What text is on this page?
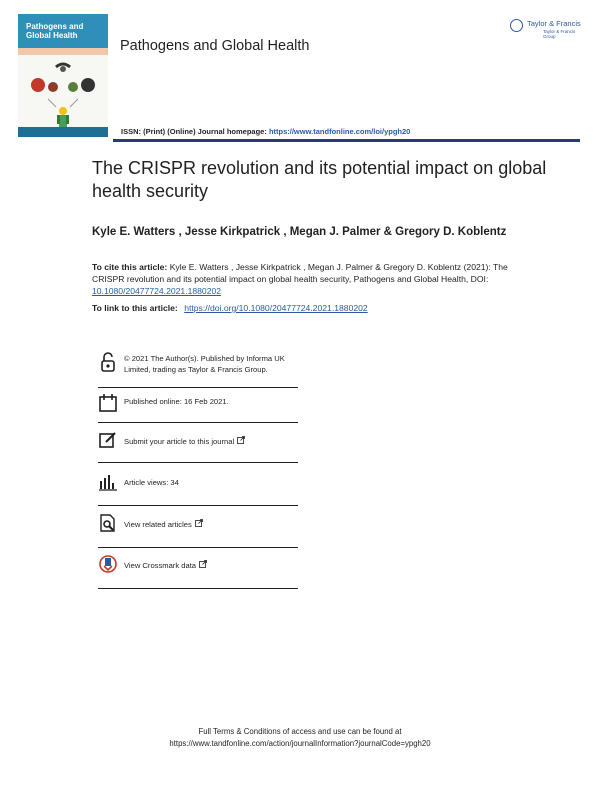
Pathogens and
Global Health
Pathogens and Global Health
Taylor & Francis
Taylor & Francis Group
ISSN: (Print) (Online) Journal homepage: https://www.tandfonline.com/loi/ypgh20
The CRISPR revolution and its potential impact on global health security
Kyle E. Watters , Jesse Kirkpatrick , Megan J. Palmer & Gregory D. Koblentz
To cite this article: Kyle E. Watters , Jesse Kirkpatrick , Megan J. Palmer & Gregory D. Koblentz (2021): The CRISPR revolution and its potential impact on global health security, Pathogens and Global Health, DOI: 10.1080/20477724.2021.1880202
To link to this article: https://doi.org/10.1080/20477724.2021.1880202
© 2021 The Author(s). Published by Informa UK Limited, trading as Taylor & Francis Group.
Published online: 16 Feb 2021.
Submit your article to this journal
Article views: 34
View related articles
View Crossmark data
Full Terms & Conditions of access and use can be found at
https://www.tandfonline.com/action/journalInformation?journalCode=ypgh20
